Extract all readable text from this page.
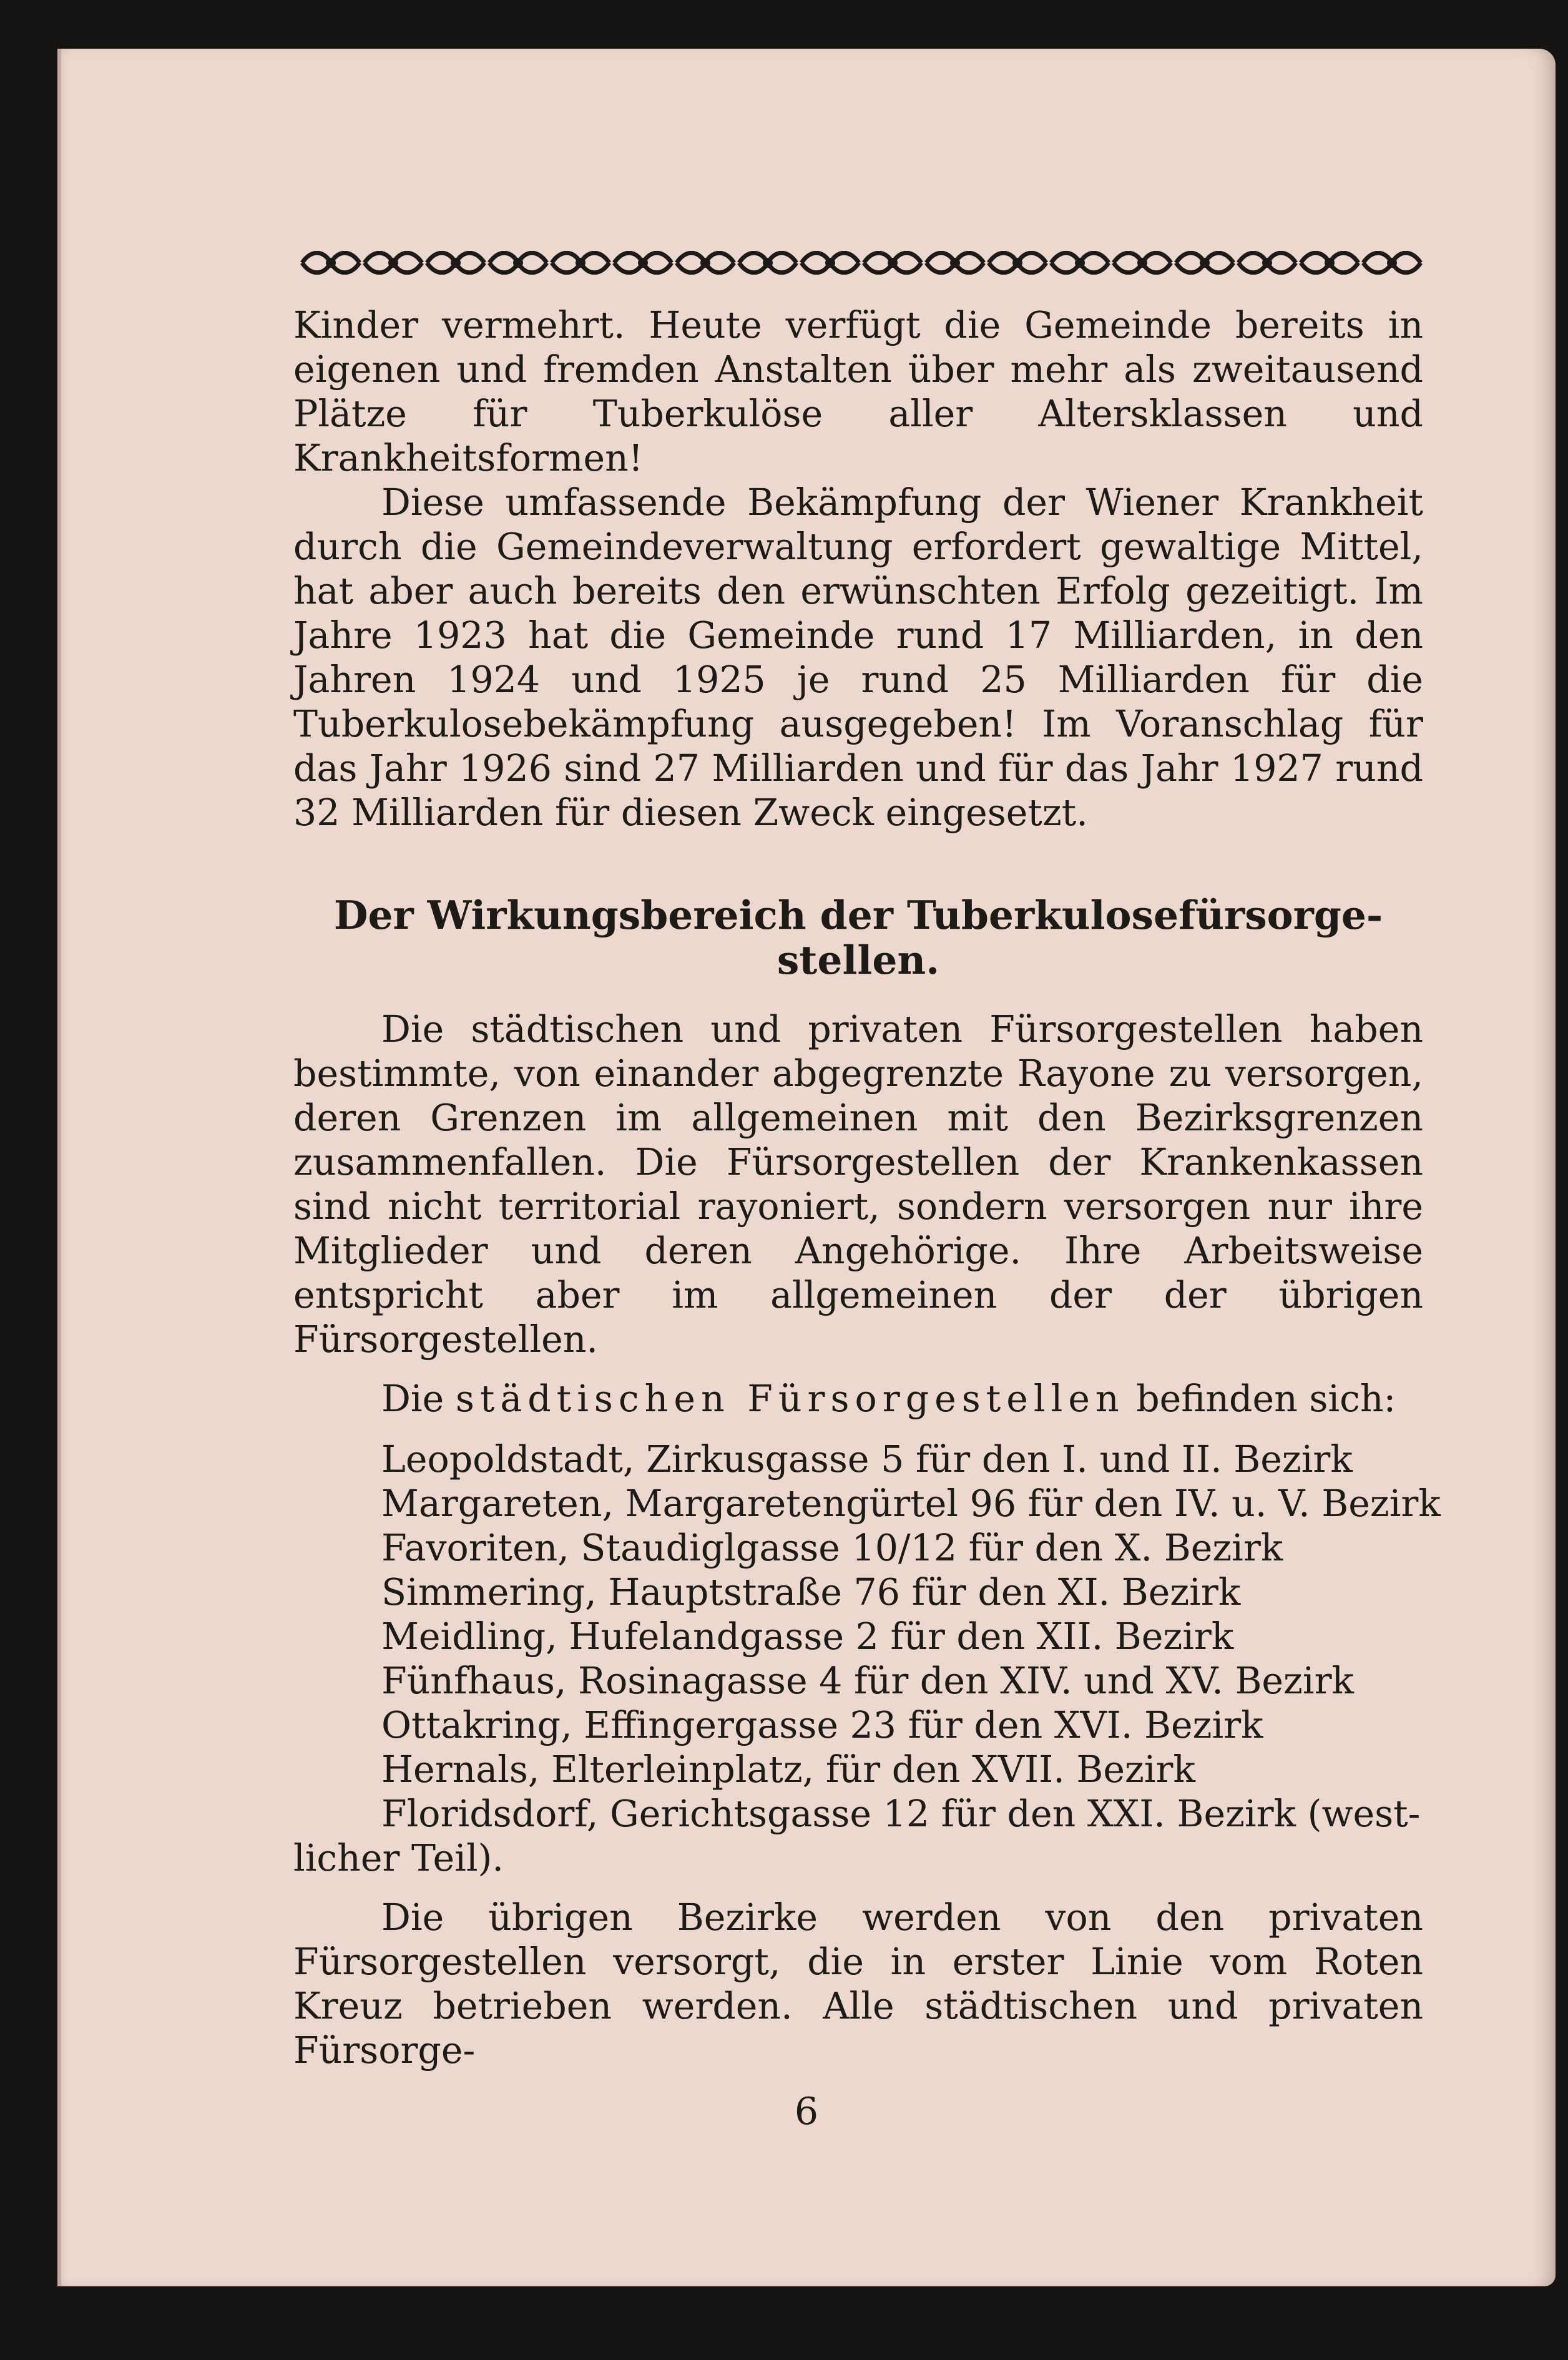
Kinder vermehrt. Heute verfügt die Gemeinde bereits in eigenen und fremden Anstalten über mehr als zweitausend Plätze für Tuberkulöse aller Altersklassen und Krankheitsformen!

Diese umfassende Bekämpfung der Wiener Krankheit durch die Gemeindeverwaltung erfordert gewaltige Mittel, hat aber auch bereits den erwünschten Erfolg gezeitigt. Im Jahre 1923 hat die Gemeinde rund 17 Milliarden, in den Jahren 1924 und 1925 je rund 25 Milliarden für die Tuberkulosebekämpfung ausgegeben! Im Voranschlag für das Jahr 1926 sind 27 Milliarden und für das Jahr 1927 rund 32 Milliarden für diesen Zweck eingesetzt.

Der Wirkungsbereich der Tuberkulosefürsorge-
stellen.

Die städtischen und privaten Fürsorgestellen haben bestimmte, von einander abgegrenzte Rayone zu versorgen, deren Grenzen im allgemeinen mit den Bezirksgrenzen zusammenfallen. Die Fürsorgestellen der Krankenkassen sind nicht territorial rayoniert, sondern versorgen nur ihre Mitglieder und deren Angehörige. Ihre Arbeitsweise entspricht aber im allgemeinen der der übrigen Fürsorgestellen.

Die städtischen Fürsorgestellen befinden sich:

Leopoldstadt, Zirkusgasse 5 für den I. und II. Bezirk
Margareten, Margaretengürtel 96 für den IV. u. V. Bezirk
Favoriten, Staudiglgasse 10/12 für den X. Bezirk
Simmering, Hauptstraße 76 für den XI. Bezirk
Meidling, Hufelandgasse 2 für den XII. Bezirk
Fünfhaus, Rosinagasse 4 für den XIV. und XV. Bezirk
Ottakring, Effingergasse 23 für den XVI. Bezirk
Hernals, Elterleinplatz, für den XVII. Bezirk
Floridsdorf, Gerichtsgasse 12 für den XXI. Bezirk (west-
licher Teil).

Die übrigen Bezirke werden von den privaten Fürsorgestellen versorgt, die in erster Linie vom Roten Kreuz betrieben werden. Alle städtischen und privaten Fürsorge-

6
